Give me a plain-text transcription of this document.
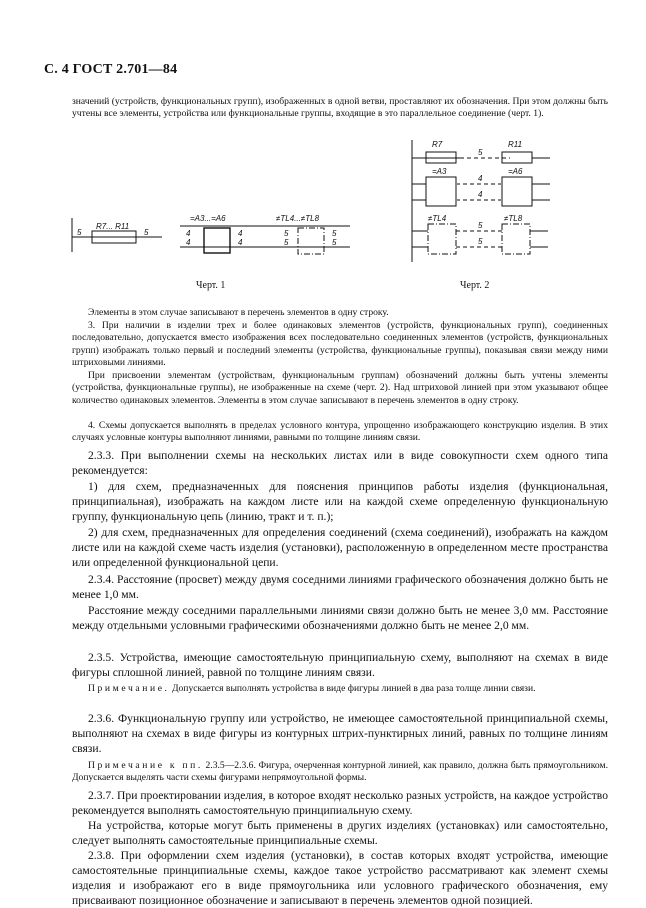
С. 4 ГОСТ 2.701—84

значений (устройств, функциональных групп), изображенных в одной ветви, проставляют их обозначения. При этом должны быть учтены все элементы, устройства или функциональные группы, входящие в это параллельное соединение (черт. 1).

R7... R11
5	5
=A3...=A6
4
4
4
4
≠TL4...≠TL8
5
5
5
5
R7	R11
5
=A3	=A6
4
4
≠TL4	≠TL8
5
5
Черт. 1	Черт. 2

Элементы в этом случае записывают в перечень элементов в одну строку.

3. При наличии в изделии трех и более одинаковых элементов (устройств, функциональных групп), соединенных последовательно, допускается вместо изображения всех последовательно соединенных элементов (устройств, функциональных групп) изображать только первый и последний элементы (устройства, функциональные группы), показывая связи между ними штриховыми линиями.

При присвоении элементам (устройствам, функциональным группам) обозначений должны быть учтены элементы (устройства, функциональные группы), не изображенные на схеме (черт. 2). Над штриховой линией при этом указывают общее количество одинаковых элементов. Элементы в этом случае записывают в перечень элементов в одну строку.

4. Схемы допускается выполнять в пределах условного контура, упрощенно изображающего конструкцию изделия. В этих случаях условные контуры выполняют линиями, равными по толщине линиям связи.

2.3.3. При выполнении схемы на нескольких листах или в виде совокупности схем одного типа рекомендуется:

1) для схем, предназначенных для пояснения принципов работы изделия (функциональная, принципиальная), изображать на каждом листе или на каждой схеме определенную функциональную группу, функциональную цепь (линию, тракт и т. п.);

2) для схем, предназначенных для определения соединений (схема соединений), изображать на каждом листе или на каждой схеме часть изделия (установки), расположенную в определенном месте пространства или определенной функциональной цепи.

2.3.4. Расстояние (просвет) между двумя соседними линиями графического обозначения должно быть не менее 1,0 мм.

Расстояние между соседними параллельными линиями связи должно быть не менее 3,0 мм. Расстояние между отдельными условными графическими обозначениями должно быть не менее 2,0 мм.

2.3.5. Устройства, имеющие самостоятельную принципиальную схему, выполняют на схемах в виде фигуры сплошной линией, равной по толщине линиям связи.

Примечание. Допускается выполнять устройства в виде фигуры линией в два раза толще линии связи.

2.3.6. Функциональную группу или устройство, не имеющее самостоятельной принципиальной схемы, выполняют на схемах в виде фигуры из контурных штрих-пунктирных линий, равных по толщине линиям связи.

Примечание к пп. 2.3.5—2.3.6. Фигура, очерченная контурной линией, как правило, должна быть прямоугольником. Допускается выделять части схемы фигурами непрямоугольной формы.

2.3.7. При проектировании изделия, в которое входят несколько разных устройств, на каждое устройство рекомендуется выполнять самостоятельную принципиальную схему.

На устройства, которые могут быть применены в других изделиях (установках) или самостоятельно, следует выполнять самостоятельные принципиальные схемы.

2.3.8. При оформлении схем изделия (установки), в состав которых входят устройства, имеющие самостоятельные принципиальные схемы, каждое такое устройство рассматривают как элемент схемы изделия и изображают его в виде прямоугольника или условного графического обозначения, ему присваивают позиционное обозначение и записывают в перечень элементов одной позицией.
